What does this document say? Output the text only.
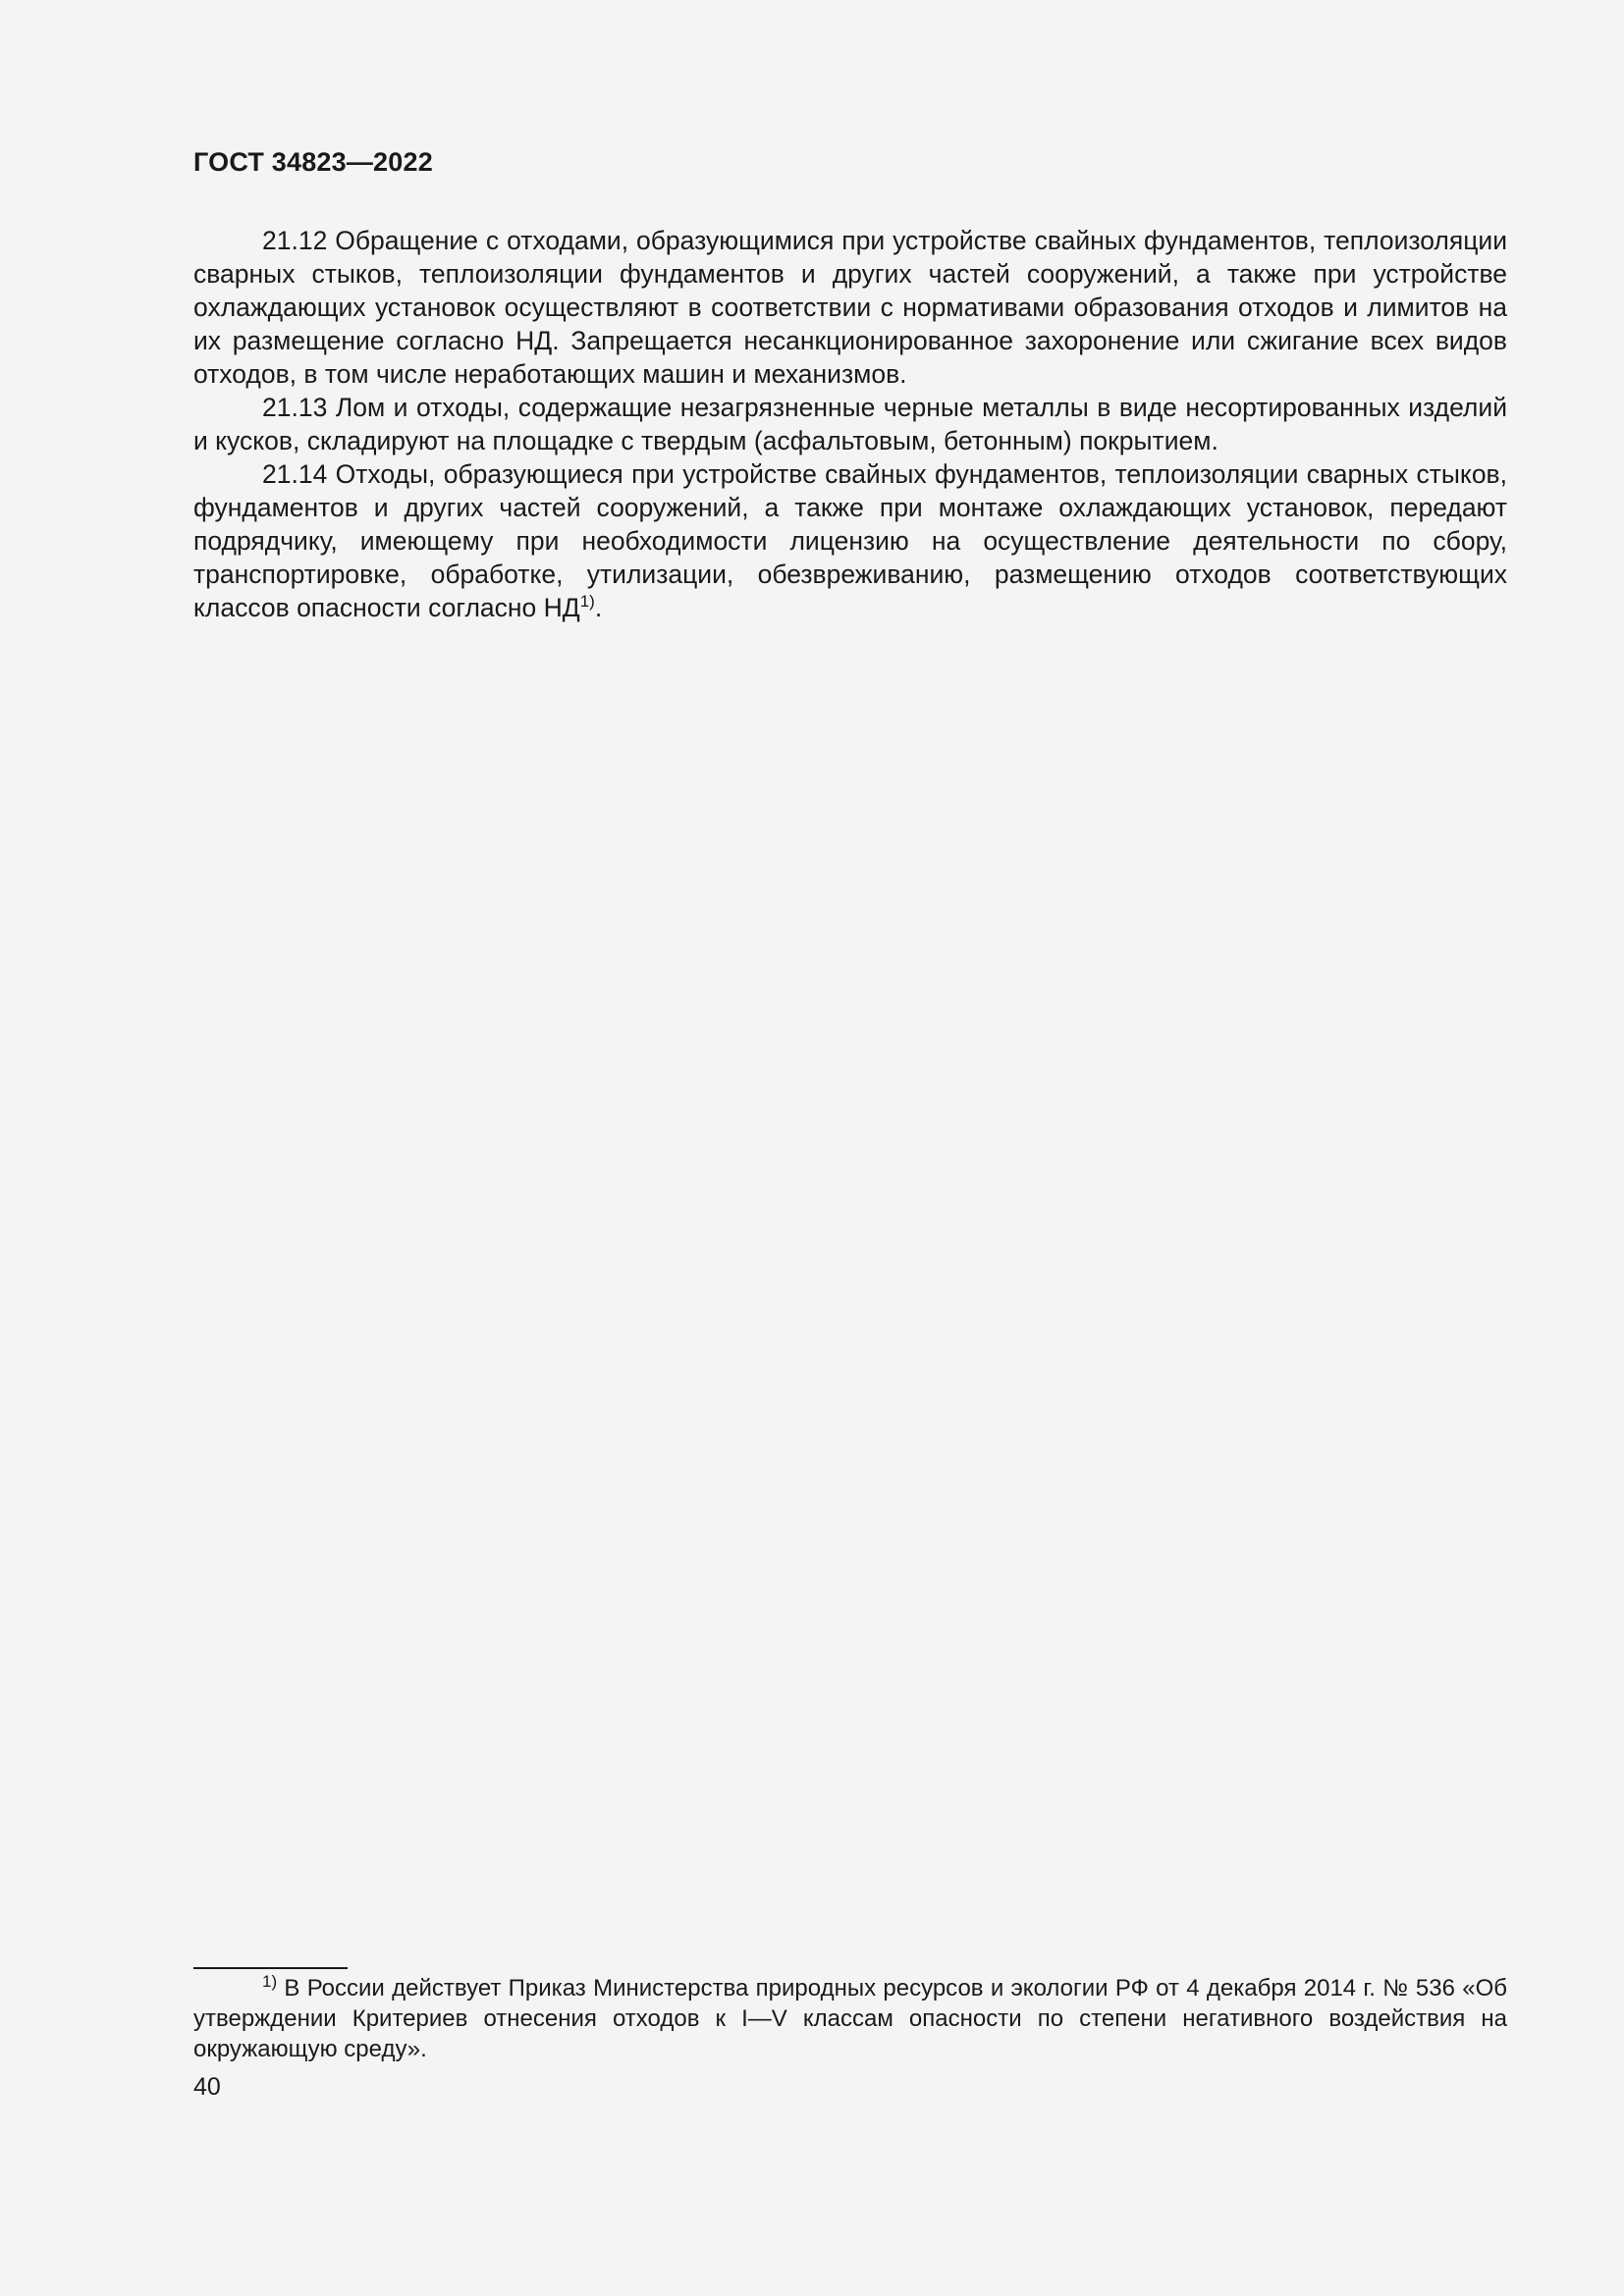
ГОСТ 34823—2022

21.12 Обращение с отходами, образующимися при устройстве свайных фундаментов, теплоизоляции сварных стыков, теплоизоляции фундаментов и других частей сооружений, а также при устройстве охлаждающих установок осуществляют в соответствии с нормативами образования отходов и лимитов на их размещение согласно НД. Запрещается несанкционированное захоронение или сжигание всех видов отходов, в том числе неработающих машин и механизмов.

21.13 Лом и отходы, содержащие незагрязненные черные металлы в виде несортированных изделий и кусков, складируют на площадке с твердым (асфальтовым, бетонным) покрытием.

21.14 Отходы, образующиеся при устройстве свайных фундаментов, теплоизоляции сварных стыков, фундаментов и других частей сооружений, а также при монтаже охлаждающих установок, передают подрядчику, имеющему при необходимости лицензию на осуществление деятельности по сбору, транспортировке, обработке, утилизации, обезвреживанию, размещению отходов соответствующих классов опасности согласно НД$^{1)}$.

$^{1)}$ В России действует Приказ Министерства природных ресурсов и экологии РФ от 4 декабря 2014 г. № 536 «Об утверждении Критериев отнесения отходов к I—V классам опасности по степени негативного воздействия на окружающую среду».

40
